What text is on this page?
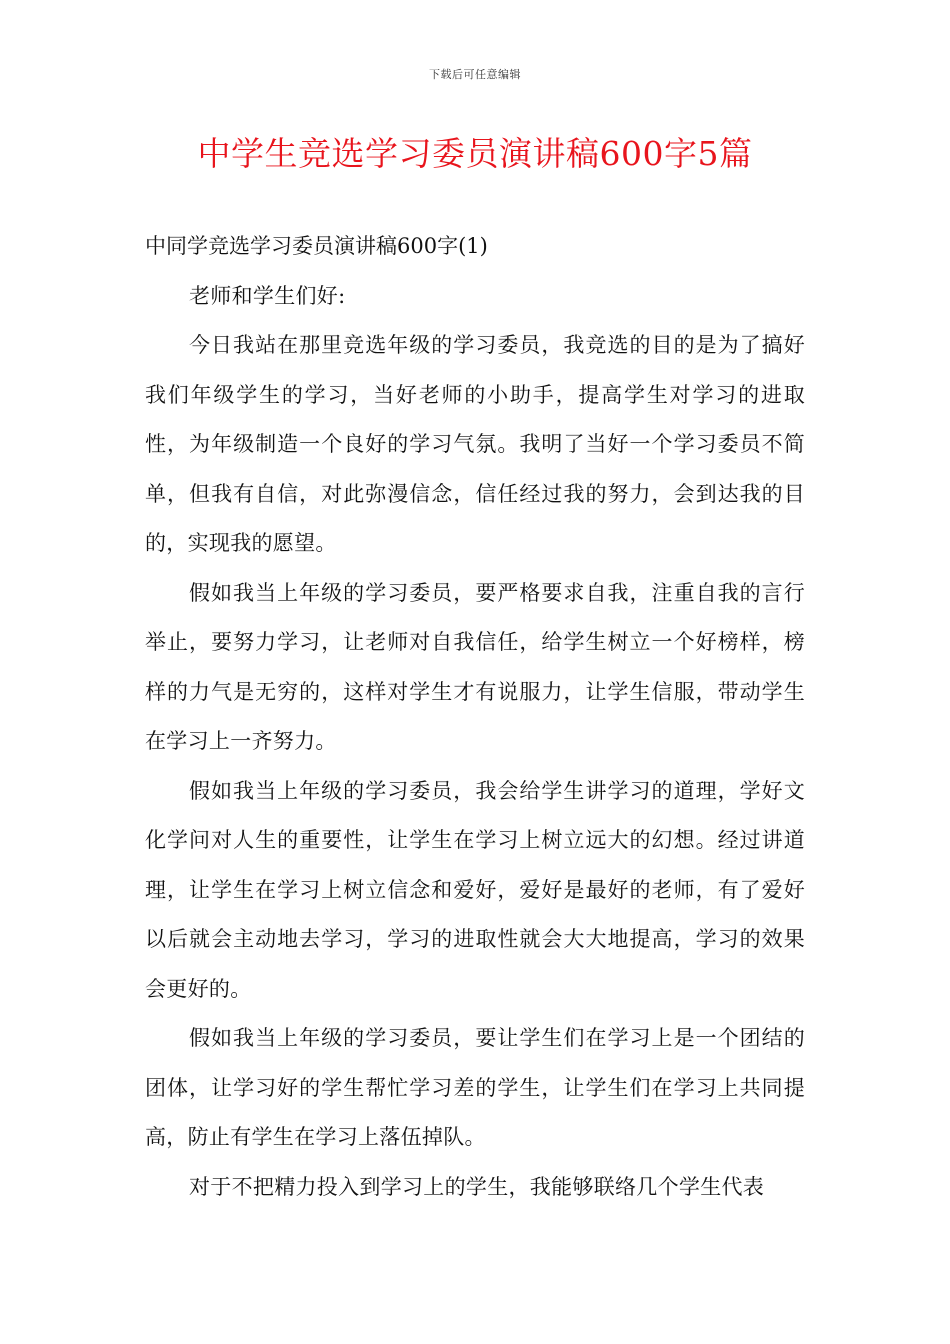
下载后可任意编辑
中学生竞选学习委员演讲稿600字5篇
中同学竞选学习委员演讲稿600字(1)

老师和学生们好:

今日我站在那里竞选年级的学习委员，我竞选的目的是为了搞好我们年级学生的学习，当好老师的小助手，提高学生对学习的进取性，为年级制造一个良好的学习气氛。我明了当好一个学习委员不简单，但我有自信，对此弥漫信念，信任经过我的努力，会到达我的目的，实现我的愿望。

假如我当上年级的学习委员，要严格要求自我，注重自我的言行举止，要努力学习，让老师对自我信任，给学生树立一个好榜样，榜样的力气是无穷的，这样对学生才有说服力，让学生信服，带动学生在学习上一齐努力。

假如我当上年级的学习委员，我会给学生讲学习的道理，学好文化学问对人生的重要性，让学生在学习上树立远大的幻想。经过讲道理，让学生在学习上树立信念和爱好，爱好是最好的老师，有了爱好以后就会主动地去学习，学习的进取性就会大大地提高，学习的效果会更好的。

假如我当上年级的学习委员，要让学生们在学习上是一个团结的团体，让学习好的学生帮忙学习差的学生，让学生们在学习上共同提高，防止有学生在学习上落伍掉队。

对于不把精力投入到学习上的学生，我能够联络几个学生代表
